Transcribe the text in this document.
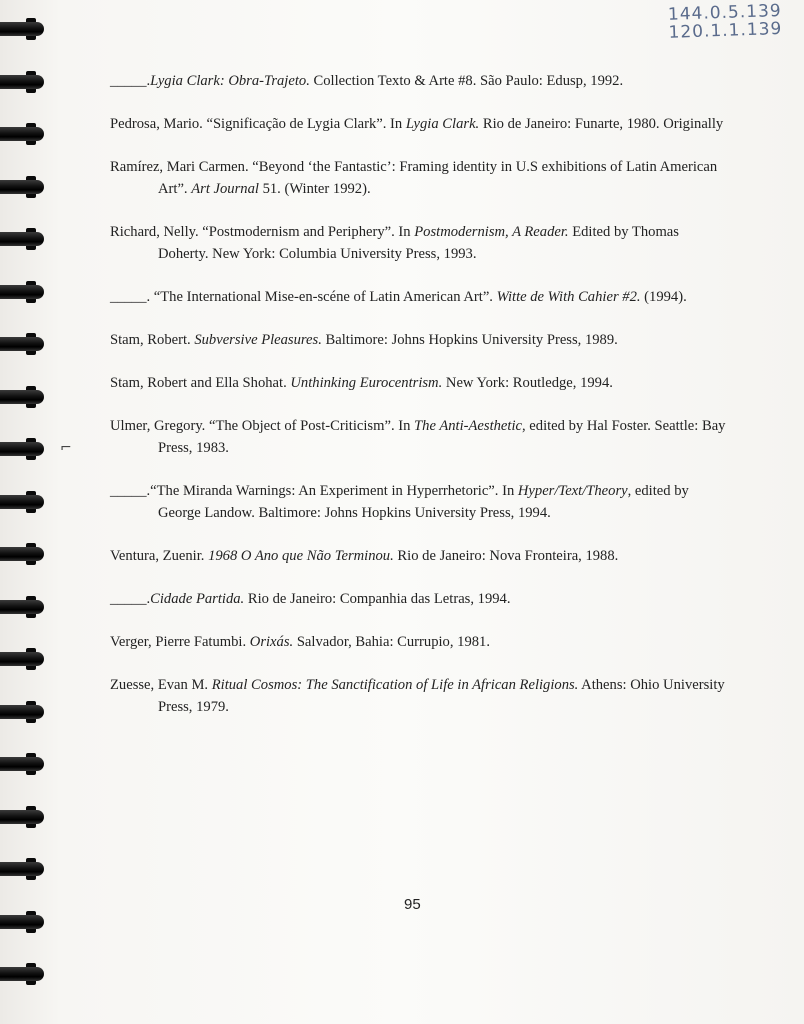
144.0.5.139
120.1.1.139
⌐

_____.Lygia Clark: Obra-Trajeto. Collection Texto & Arte #8. São Paulo: Edusp, 1992.

Pedrosa, Mario. “Significação de Lygia Clark”. In Lygia Clark. Rio de Janeiro: Funarte, 1980. Originally

Ramírez, Mari Carmen. “Beyond ‘the Fantastic’: Framing identity in U.S exhibitions of Latin American Art”. Art Journal 51. (Winter 1992).

Richard, Nelly. “Postmodernism and Periphery”. In Postmodernism, A Reader. Edited by Thomas Doherty. New York: Columbia University Press, 1993.

_____. “The International Mise-en-scéne of Latin American Art”. Witte de With Cahier #2. (1994).

Stam, Robert. Subversive Pleasures. Baltimore: Johns Hopkins University Press, 1989.

Stam, Robert and Ella Shohat. Unthinking Eurocentrism. New York: Routledge, 1994.

Ulmer, Gregory. “The Object of Post-Criticism”. In The Anti-Aesthetic, edited by Hal Foster. Seattle: Bay Press, 1983.

_____.“The Miranda Warnings: An Experiment in Hyperrhetoric”. In Hyper/Text/Theory, edited by George Landow. Baltimore: Johns Hopkins University Press, 1994.

Ventura, Zuenir. 1968 O Ano que Não Terminou. Rio de Janeiro: Nova Fronteira, 1988.

_____.Cidade Partida. Rio de Janeiro: Companhia das Letras, 1994.

Verger, Pierre Fatumbi. Orixás. Salvador, Bahia: Currupio, 1981.

Zuesse, Evan M. Ritual Cosmos: The Sanctification of Life in African Religions. Athens: Ohio University Press, 1979.

95
